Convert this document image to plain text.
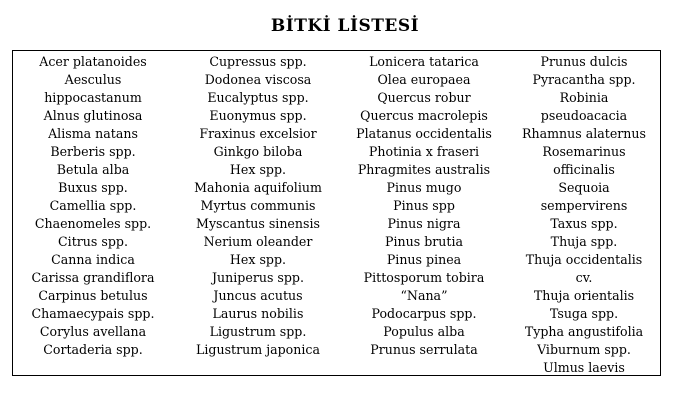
BİTKİ LİSTESİ
Acer platanoides
Aesculus
hippocastanum
Alnus glutinosa
Alisma natans
Berberis spp.
Betula alba
Buxus spp.
Camellia spp.
Chaenomeles spp.
Citrus spp.
Canna indica
Carissa grandiflora
Carpinus betulus
Chamaecypais spp.
Corylus avellana
Cortaderia spp.
Cupressus spp.
Dodonea viscosa
Eucalyptus spp.
Euonymus spp.
Fraxinus excelsior
Ginkgo biloba
Hex spp.
Mahonia aquifolium
Myrtus communis
Myscantus sinensis
Nerium oleander
Hex spp.
Juniperus spp.
Juncus acutus
Laurus nobilis
Ligustrum spp.
Ligustrum japonica
Lonicera tatarica
Olea europaea
Quercus robur
Quercus macrolepis
Platanus occidentalis
Photinia x fraseri
Phragmites australis
Pinus mugo
Pinus spp
Pinus nigra
Pinus brutia
Pinus pinea
Pittosporum tobira
“Nana”
Podocarpus spp.
Populus alba
Prunus serrulata
Prunus dulcis
Pyracantha spp.
Robinia
pseudoacacia
Rhamnus alaternus
Rosemarinus
officinalis
Sequoia
sempervirens
Taxus spp.
Thuja spp.
Thuja occidentalis
cv.
Thuja orientalis
Tsuga spp.
Typha angustifolia
Viburnum spp.
Ulmus laevis
